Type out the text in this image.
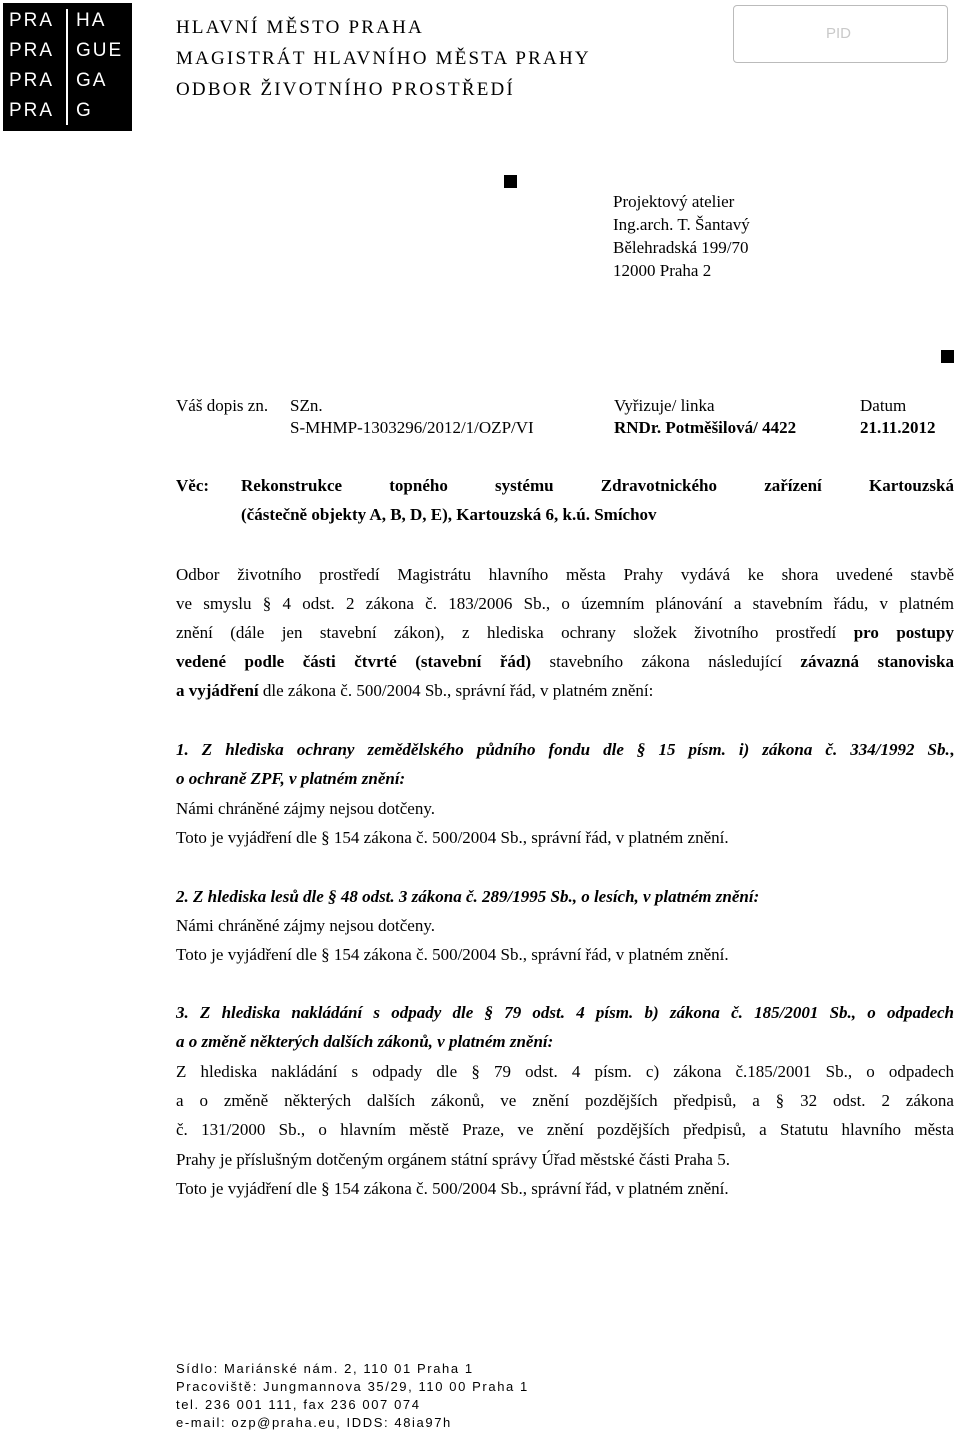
PRA HA
PRA GUE
PRA GA
PRA G
HLAVNÍ MĚSTO PRAHA
MAGISTRÁT HLAVNÍHO MĚSTA PRAHY
ODBOR ŽIVOTNÍHO PROSTŘEDÍ
PID
Projektový atelier
Ing.arch. T. Šantavý
Bělehradská 199/70
12000 Praha 2
Váš dopis zn. SZn.
S-MHMP-1303296/2012/1/OZP/VI
Vyřizuje/ linka
RNDr. Potměšilová/ 4422
Datum
21.11.2012
Věc: Rekonstrukce topného systému Zdravotnického zařízení Kartouzská
(částečně objekty A, B, D, E), Kartouzská 6, k.ú. Smíchov
Odbor životního prostředí Magistrátu hlavního města Prahy vydává ke shora uvedené stavbě
ve smyslu § 4 odst. 2 zákona č. 183/2006 Sb., o územním plánování a stavebním řádu, v platném
znění (dále jen stavební zákon), z hlediska ochrany složek životního prostředí pro postupy
vedené podle části čtvrté (stavební řád) stavebního zákona následující závazná stanoviska
a vyjádření dle zákona č. 500/2004 Sb., správní řád, v platném znění:
1. Z hlediska ochrany zemědělského půdního fondu dle § 15 písm. i) zákona č. 334/1992 Sb.,
o ochraně ZPF, v platném znění:
Námi chráněné zájmy nejsou dotčeny.
Toto je vyjádření dle § 154 zákona č. 500/2004 Sb., správní řád, v platném znění.
2. Z hlediska lesů dle § 48 odst. 3 zákona č. 289/1995 Sb., o lesích, v platném znění:
Námi chráněné zájmy nejsou dotčeny.
Toto je vyjádření dle § 154 zákona č. 500/2004 Sb., správní řád, v platném znění.
3. Z hlediska nakládání s odpady dle § 79 odst. 4 písm. b) zákona č. 185/2001 Sb., o odpadech
a o změně některých dalších zákonů, v platném znění:
Z hlediska nakládání s odpady dle § 79 odst. 4 písm. c) zákona č.185/2001 Sb., o odpadech
a o změně některých dalších zákonů, ve znění pozdějších předpisů, a § 32 odst. 2 zákona
č. 131/2000 Sb., o hlavním městě Praze, ve znění pozdějších předpisů, a Statutu hlavního města
Prahy je příslušným dotčeným orgánem státní správy Úřad městské části Praha 5.
Toto je vyjádření dle § 154 zákona č. 500/2004 Sb., správní řád, v platném znění.
Sídlo: Mariánské nám. 2, 110 01 Praha 1
Pracoviště: Jungmannova 35/29, 110 00 Praha 1
tel. 236 001 111, fax 236 007 074
e-mail: ozp@praha.eu, IDDS: 48ia97h
